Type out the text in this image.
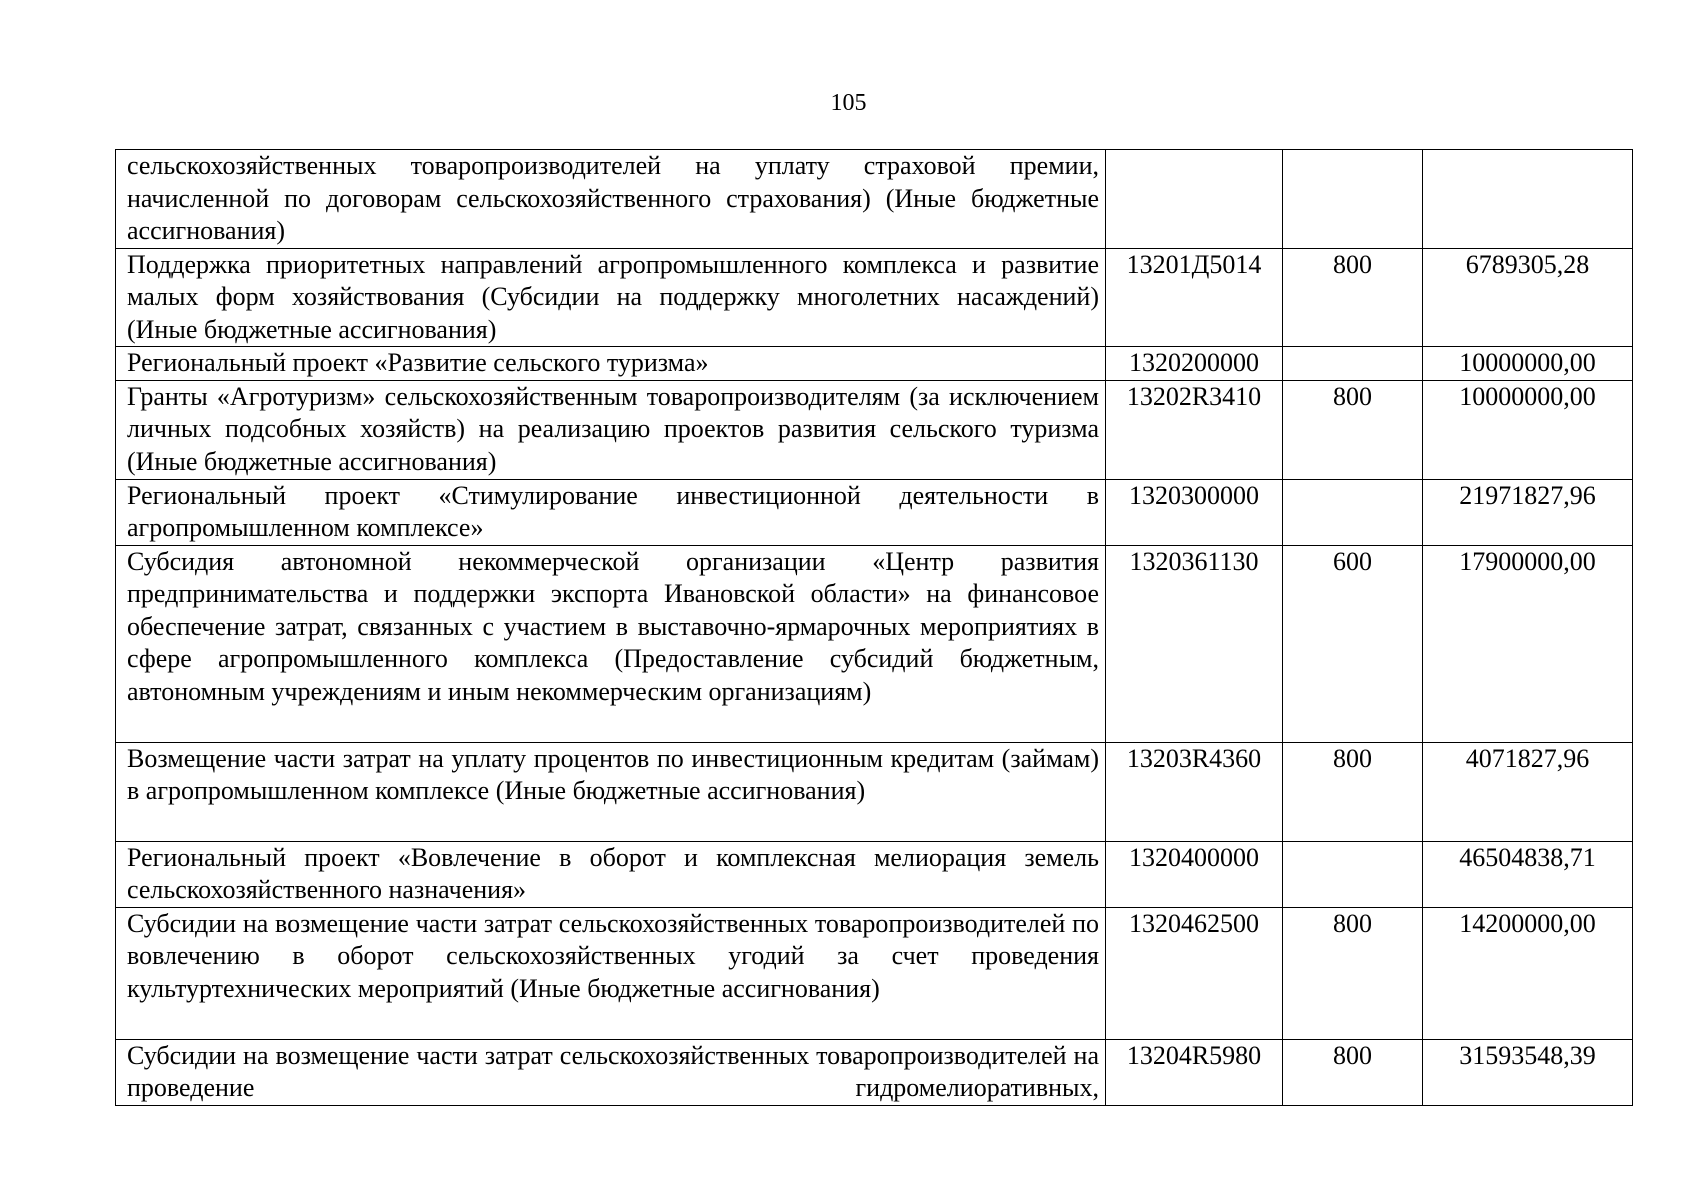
105
сельскохозяйственных товаропроизводителей на уплату страховой премии, начисленной по договорам сельскохозяйственного страхования) (Иные бюджетные ассигнования)			
Поддержка приоритетных направлений агропромышленного комплекса и развитие малых форм хозяйствования (Субсидии на поддержку многолетних насаждений) (Иные бюджетные ассигнования)	13201Д5014	800	6789305,28
Региональный проект «Развитие сельского туризма»	1320200000		10000000,00
Гранты «Агротуризм» сельскохозяйственным товаропроизводителям (за исключением личных подсобных хозяйств) на реализацию проектов развития сельского туризма (Иные бюджетные ассигнования)	13202R3410	800	10000000,00
Региональный проект «Стимулирование инвестиционной деятельности в агропромышленном комплексе»	1320300000		21971827,96
Субсидия автономной некоммерческой организации «Центр развития предпринимательства и поддержки экспорта Ивановской области» на финансовое обеспечение затрат, связанных с участием в выставочно-ярмарочных мероприятиях в сфере агропромышленного комплекса (Предоставление субсидий бюджетным, автономным учреждениям и иным некоммерческим организациям)	1320361130	600	17900000,00
Возмещение части затрат на уплату процентов по инвестиционным кредитам (займам) в агропромышленном комплексе (Иные бюджетные ассигнования)	13203R4360	800	4071827,96
Региональный проект «Вовлечение в оборот и комплексная мелиорация земель сельскохозяйственного назначения»	1320400000		46504838,71
Субсидии на возмещение части затрат сельскохозяйственных товаропроизводителей по вовлечению в оборот сельскохозяйственных угодий за счет проведения культуртехнических мероприятий (Иные бюджетные ассигнования)	1320462500	800	14200000,00
Субсидии на возмещение части затрат сельскохозяйственных товаропроизводителей на проведение гидромелиоративных,	13204R5980	800	31593548,39
